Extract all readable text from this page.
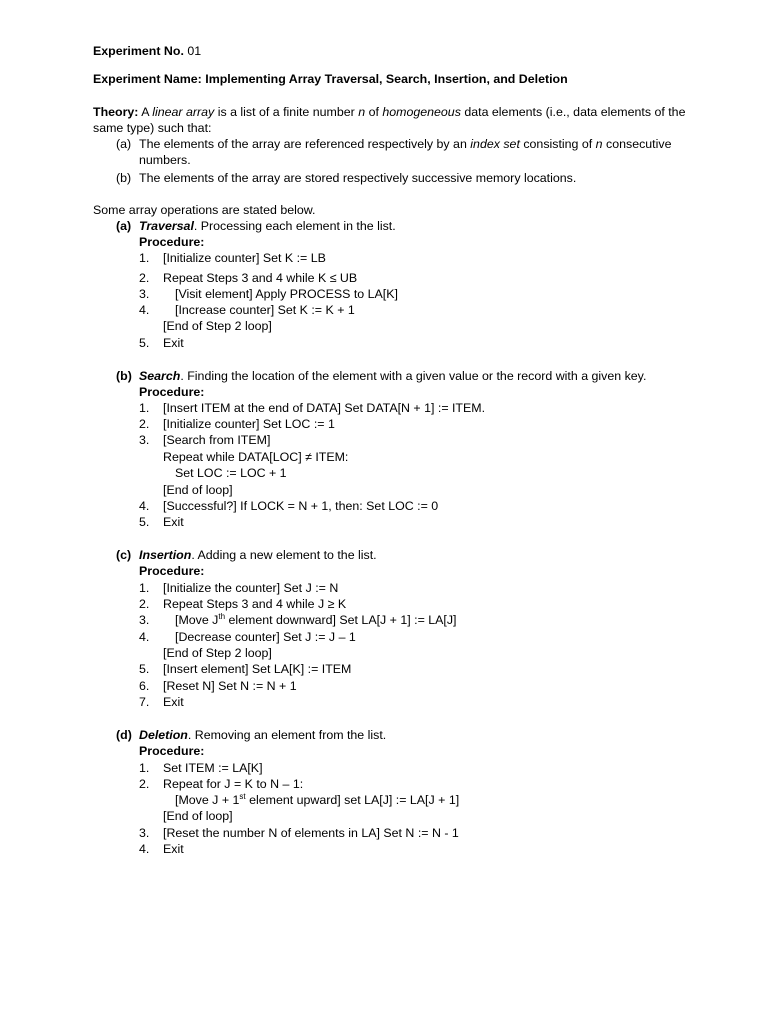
Experiment No. 01
Experiment Name: Implementing Array Traversal, Search, Insertion, and Deletion
Theory: A linear array is a list of a finite number n of homogeneous data elements (i.e., data elements of the
same type) such that:
(a) The elements of the array are referenced respectively by an index set consisting of n consecutive
numbers.
(b) The elements of the array are stored respectively successive memory locations.
Some array operations are stated below.
(a) Traversal. Processing each element in the list.
Procedure:
1. [Initialize counter] Set K := LB
2. Repeat Steps 3 and 4 while K ≤ UB
3. [Visit element] Apply PROCESS to LA[K]
4. [Increase counter] Set K := K + 1
[End of Step 2 loop]
5. Exit
(b) Search. Finding the location of the element with a given value or the record with a given key.
Procedure:
1. [Insert ITEM at the end of DATA] Set DATA[N + 1] := ITEM.
2. [Initialize counter] Set LOC := 1
3. [Search from ITEM]
Repeat while DATA[LOC] ≠ ITEM:
Set LOC := LOC + 1
[End of loop]
4. [Successful?] If LOCK = N + 1, then: Set LOC := 0
5. Exit
(c) Insertion. Adding a new element to the list.
Procedure:
1. [Initialize the counter] Set J := N
2. Repeat Steps 3 and 4 while J ≥ K
3. [Move $J^{th}$ element downward] Set LA[J + 1] := LA[J]
4. [Decrease counter] Set J := J – 1
[End of Step 2 loop]
5. [Insert element] Set LA[K] := ITEM
6. [Reset N] Set N := N + 1
7. Exit
(d) Deletion. Removing an element from the list.
Procedure:
1. Set ITEM := LA[K]
2. Repeat for J = K to N – 1:
[Move J + 1st element upward] set LA[J] := LA[J + 1]
[End of loop]
3. [Reset the number N of elements in LA] Set N := N - 1
4. Exit
